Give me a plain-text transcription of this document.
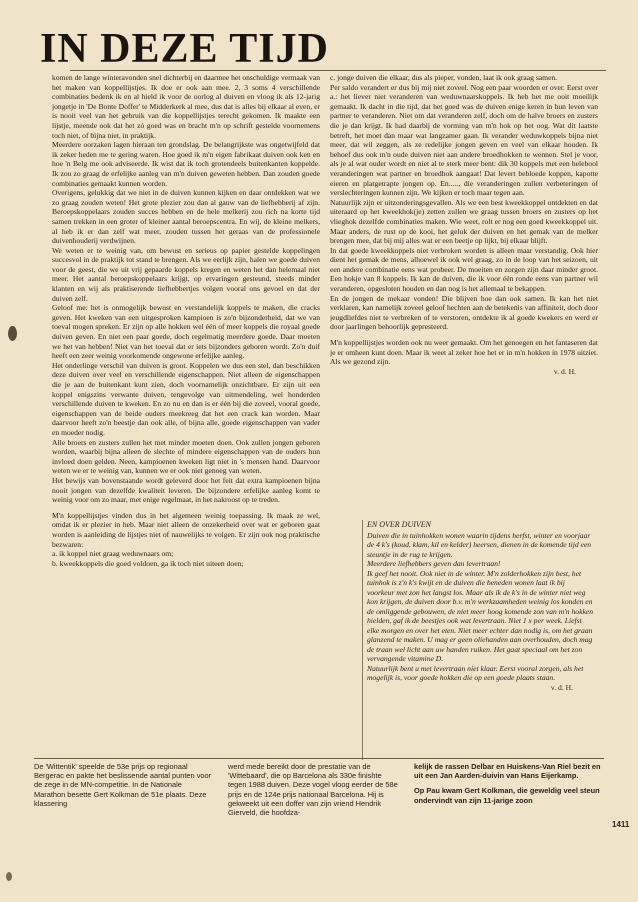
IN DEZE TIJD

komen de lange winteravonden snel dichterbij en daarmee het onschuldige vermaak van het maken van koppellijstjes. Ik doe er ook aan mee. 2, 3 soms 4 verschillende combinaties bedenk ik en al hield ik voor de oorlog al duiven en vloog ik als 12-jarig jongetje in 'De Bonte Doffer' te Midderkerk al mee, dus dat is alles bij elkaar al even, er is nooit veel van het gebruik van die koppellijstjes terecht gekomen. Ik maakte een lijstje, meende ook dat het zó goed was en bracht m'n op schrift gestelde voornemens toch niet, of bijna niet, in praktijk.

Meerdere oorzaken lagen hieraan ten grondslag. De belangrijkste was ongetwijfeld dat ik zeker heden me te gering waren. Hoe goed ik m'n eigen fabrikaat duiven ook ken en hoe 'n Belg me ook adviseerde. Ik wist dat ik toch grotendeels buitenkanten koppelde. Ik zou zo graag de erfelijke aanleg van m'n duiven geweten hebben. Dan zouden goede combinaties gemaakt kunnen worden.

Overigens, gelukkig dat we niet in de duiven kunnen kijken en daar ontdekken wat we zo graag zouden weten! Het grote plezier zou dan al gauw van de liefhebberij af zijn. Beroepskoppelaars zouden succes hebben en de hele melkerij zou rich na korte tijd samen trekken in een groter of kleiner aantal beroepscentra. En wij, de kleine melkers, al heb ik er dan zelf wat meer, zouden tussen het geraas van de professionele duivenhouderij verdwijnen.

We weten er te weinig van, om bewust en serieus op papier gestelde koppelingen succesvol in de praktijk tot stand te brengen. Als we eerlijk zijn, halen we goede duiven voor de geest, die we uit vrij gepaarde koppels kregen en weten het dan helemaal niet meer. Het aantal beroepskoppelaars krijgt, op ervaringen gesteund, steeds minder klanten en wij als praktiserende liefhebbertjes volgen vooral ons gevoel en dat der duiven zelf.

Geloof me: het is onmogelijk bewust en verstandelijk koppels te maken, die cracks geven. Het kweken van een uitgesproken kampioen is zo'n bijzonderheid, dat we van toeval mogen spreken. Er zijn op alle hokken wel één of meer koppels die royaal goede duiven geven. En niet een paar goede, doch regelmatig meerdere goede. Daar moeten we het van hebben! Niet van het toeval dat er iets bijzonders geboren wordt. Zo'n duif heeft een zeer weinig voorkomende ongewone erfelijke aanleg.

Het onderlinge verschil van duiven is groot. Koppelen we dus een stel, dan beschikken deze duiven over veel en verschillende eigenschappen. Niet alleen de eigenschappen die je aan de buitenkant kunt zien, doch voornamelijk onzichtbare. Er zijn uit een koppel enigszins verwante duiven, tengevolge van uitmendeling, wel honderden verschillende duiven te kweken. En zo nu en dan is er één bij die zoveel, vooral goede, eigenschappen van de beide ouders meekreeg dat het een crack kan worden. Maar daarvoor heeft zo'n beestje dan ook alle, of bijna alle, goede eigenschappen van vader en moeder nodig.

Alle broers en zusters zullen het met minder moeten doen. Ook zullen jongen geboren worden, waarbij bijna alleen de slechte of mindere eigenschappen van de ouders hun invloed doen gelden. Neen, kampioenen kweken ligt niet in 's mensen hand. Daarvoor weten we er te weinig van, kunnen we er ook niet genoeg van weten.

Het bewijs van bovenstaande wordt geleverd door het feit dat extra kampioenen bijna nooit jongen van dezelfde kwaliteit leveren. De bijzondere erfelijke aanleg komt te weinig voor om zo maar, met enige regelmaat, in het nakroost op te treden.

M'n koppellijstjes vinden dus in het algemeen weinig toepassing. Ik maak ze wel, omdat ik er plezier in heb. Maar niet alleen de onzekerheid over wat er geboren gaat worden is aanleiding de lijstjes niet of nauwelijks te volgen. Er zijn ook nog praktische bezwaren:

a. ik koppel niet graag weduwnaars om;

b. kweekkoppels die goed voldoen, ga ik toch niet uiteen doen;

c. jonge duiven die elkaar, dus als pieper, vonden, laat ik ook graag samen.

Per saldo verandert er dus bij mij niet zoveel. Nog een paar woorden er over. Eerst over a.: het liever niet veranderen van weduwnaarskoppels. Ik heb het me ooit moeilijk gemaakt. Ik dacht in die tijd, dat het goed was de duiven enige keren in hun leven van partner te veranderen. Niet om dat veranderen zelf, doch om de halve broers en zusters die je dan krijgt. Ik had daarbij de vorming van m'n hok op het oog. Wat dit laatste betreft, het moet dan maar wat langzamer gaan. Ik verander weduwkoppels bijna niet meer, dat wil zeggen, als ze redelijke jongen geven en veel van elkaar houden. Ik behoef dus ook m'n oude duiven niet aan andere broedhokken te wennen. Stel je voor, als je al wat ouder wordt en niet al te sterk meer bent: dik 30 koppels met een helebool veranderingen wat partner en broedhok aangaat! Dat levert bebloede koppen, kapotte eieren en platgetrapte jongen op. En....., die veranderingen zullen verbeteringen of verslechteringen kunnen zijn. We kijken er toch maar tegen aan.

Natuurlijk zijn er uitzonderingsgevallen. Als we een best kweekkoppel ontdekten en dat uiteraard op het kweekhok(je) zetten zullen we graag tussen broers en zusters op het vlieghok dezelfde combinaties maken. Wie weet, rolt er nog een goed kweekkoppel uit. Maar anders, de rust op de kooi, het geluk der duiven en het gemak van de melker brengen mee, dat bij mij alles wat er een beetje op lijkt, bij elkaar blijft.

In dat goede kweekkoppels niet verbroken worden is alleen maar verstandig. Ook hier dient het gemak de mens, alhoewel ik ook wel graag, zo in de loop van het seizoen, uit een andere combinatie eens wat probeer. De moeiten en zorgen zijn daar minder groot. Een hokje van 8 koppels. Ik kan de duiven, die ik voor één ronde eens van partner wil veranderen, opgesloten houden en dan nog is het allemaal te bekappen.

En de jongen de mekaar vonden! Die blijven hoe dan ook samen. Ik kan het niet verklaren, kan namelijk zoveel geloof hechten aan de betekenis van affiniteit, doch door jeugdliefdes niet te verbreken of te verstoren, ontdekte ik al goede kwekers en werd er door jaarlingen behoorlijk gepresteerd.

M'n koppellijstjes worden ook nu weer gemaakt. Om het genoegen en het fantaseren dat je er omheen kunt doen. Maar ik weet al zeker hoe het er in m'n hokken in 1978 uitziet. Als we gezond zijn.

v. d. H.

EN OVER DUIVEN

Duiven die in tuinhokken wonen waarin tijdens herfst, winter en voorjaar de 4 k's (koud, klam, kil en kelder) heersen, dienen in de komende tijd een steuntje in de rug te krijgen.

Meerdere liefhebbers geven dan levertraan!

Ik geef het nooit. Ook niet in de winter. M'n zolderhokken zijn best, het tuinhok is z'n k's kwijt en de duiven die beneden wonen laat ik bij voorkeur met zon het langst los. Maar als ik de k's in de winter niet weg kon krijgen, de duiven door b.v. m'n werkzaamheden weinig los konden en de omliggende gebouwen, de niet meer hoog komende zon van m'n hokken hielden, gaf ik de beestjes ook wat levertraan. Niet 1 x per week. Liefst elke morgen en over het eten. Niet meer echter dan nodig is, om het graan glanzend te maken. U mag er geen oliehanden aan overhouden, doch mag de traan wel licht aan uw handen ruiken. Het gaat speciaal om het zon vervangende vitamine D.

Natuurlijk bent u met levertraan niet klaar. Eerst vooral zorgen, als het mogelijk is, voor goede hokken die op een goede plaats staan.

v. d. H.
De 'Wittentik' speelde de 53e prijs op regionaal Bergerac en pakte het beslissende aantal punten voor de zege in de MN-competitie. In de Nationale Marathon besette Gert Kolkman de 51e plaats. Deze klassering
werd mede bereikt door de prestatie van de 'Wittebaard', die op Barcelona als 330e finishte tegen 1988 duiven. Deze vogel vloog eerder de 58e prijs en de 124e prijs nationaal Barcelona. Hij is gekweekt uit een doffer van zijn vriend Hendrik Gierveld, die hoofdza-
kelijk de rassen Delbar en Huiskens-Van Riel bezit en uit een Jan Aarden-duivin van Hans Eijerkamp.
Op Pau kwam Gert Kolkman, die geweldig veel steun ondervindt van zijn 11-jarige zoon
1411
